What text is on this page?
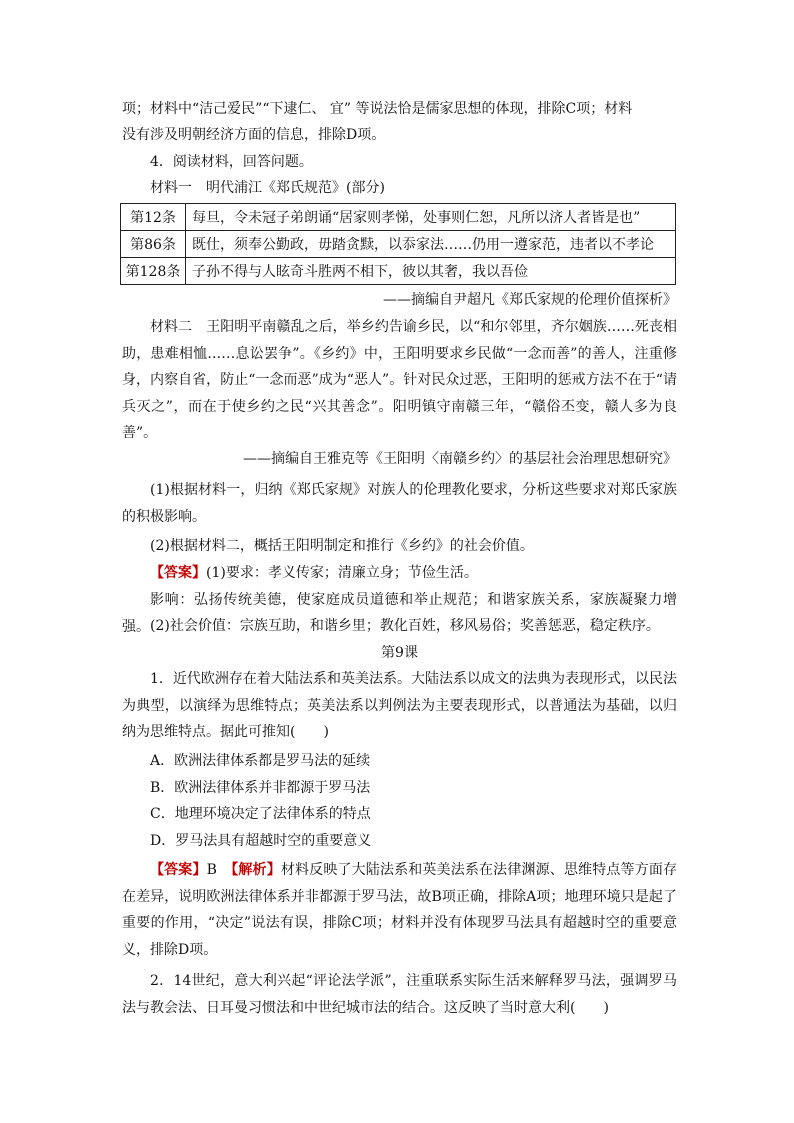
项；材料中“洁己爱民”“下逮仁、 宜” 等说法恰是儒家思想的体现，排除C项；材料

没有涉及明朝经济方面的信息，排除D项。

4．阅读材料，回答问题。

材料一　明代浦江《郑氏规范》(部分)

第12条	每旦，令未冠子弟朗诵“居家则孝悌，处事则仁恕，凡所以济人者皆是也”
第86条	既仕，须奉公勤政，毋踏贪黩，以忝家法……仍用一遵家范，违者以不孝论
第128条	子孙不得与人眩奇斗胜两不相下，彼以其奢，我以吾俭

——摘编自尹超凡《郑氏家规的伦理价值探析》

材料二　王阳明平南赣乱之后，举乡约告谕乡民，以“和尔邻里，齐尔姻族……死丧相助，患难相恤……息讼罢争”。《乡约》中，王阳明要求乡民做“一念而善”的善人，注重修身，内察自省，防止“一念而恶”成为“恶人”。针对民众过恶，王阳明的惩戒方法不在于“请兵灭之”，而在于使乡约之民“兴其善念”。阳明镇守南赣三年，“赣俗丕变，赣人多为良善”。

——摘编自王雅克等《王阳明〈南赣乡约〉的基层社会治理思想研究》

(1)根据材料一，归纳《郑氏家规》对族人的伦理教化要求，分析这些要求对郑氏家族的积极影响。

(2)根据材料二，概括王阳明制定和推行《乡约》的社会价值。

【答案】(1)要求：孝义传家；清廉立身；节俭生活。

影响：弘扬传统美德，使家庭成员道德和举止规范；和谐家族关系，家族凝聚力增强。 (2)社会价值：宗族互助，和谐乡里；教化百姓，移风易俗；奖善惩恶，稳定秩序。

第9课

1．近代欧洲存在着大陆法系和英美法系。大陆法系以成文的法典为表现形式，以民法为典型，以演绎为思维特点；英美法系以判例法为主要表现形式，以普通法为基础，以归纳为思维特点。据此可推知(　　)

A．欧洲法律体系都是罗马法的延续

B．欧洲法律体系并非都源于罗马法

C．地理环境决定了法律体系的特点

D．罗马法具有超越时空的重要意义

【答案】B　【解析】材料反映了大陆法系和英美法系在法律渊源、思维特点等方面存在差异，说明欧洲法律体系并非都源于罗马法，故B项正确，排除A项；地理环境只是起了重要的作用，“决定”说法有误，排除C项；材料并没有体现罗马法具有超越时空的重要意义，排除D项。

2．14世纪，意大利兴起“评论法学派”，注重联系实际生活来解释罗马法，强调罗马法与教会法、日耳曼习惯法和中世纪城市法的结合。这反映了当时意大利(　　)
